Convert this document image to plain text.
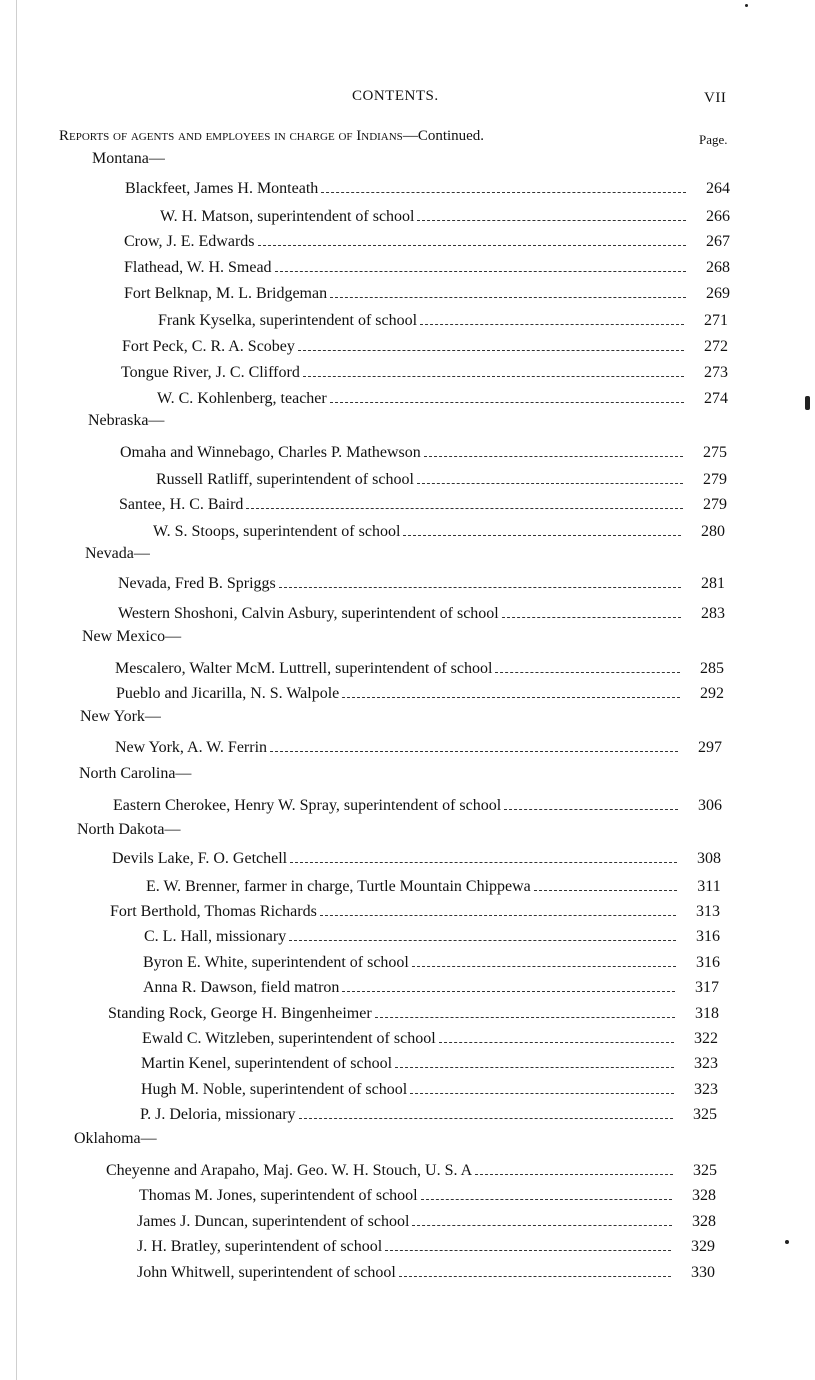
CONTENTS.	VII
Reports of agents and employees in charge of Indians—Continued.	Page.
Montana—
Blackfeet, James H. Monteath	264
W. H. Matson, superintendent of school	266
Crow, J. E. Edwards	267
Flathead, W. H. Smead	268
Fort Belknap, M. L. Bridgeman	269
Frank Kyselka, superintendent of school	271
Fort Peck, C. R. A. Scobey	272
Tongue River, J. C. Clifford	273
W. C. Kohlenberg, teacher	274
Nebraska—
Omaha and Winnebago, Charles P. Mathewson	275
Russell Ratliff, superintendent of school	279
Santee, H. C. Baird	279
W. S. Stoops, superintendent of school	280
Nevada—
Nevada, Fred B. Spriggs	281
Western Shoshoni, Calvin Asbury, superintendent of school	283
New Mexico—
Mescalero, Walter McM. Luttrell, superintendent of school	285
Pueblo and Jicarilla, N. S. Walpole	292
New York—
New York, A. W. Ferrin	297
North Carolina—
Eastern Cherokee, Henry W. Spray, superintendent of school	306
North Dakota—
Devils Lake, F. O. Getchell	308
E. W. Brenner, farmer in charge, Turtle Mountain Chippewa	311
Fort Berthold, Thomas Richards	313
C. L. Hall, missionary	316
Byron E. White, superintendent of school	316
Anna R. Dawson, field matron	317
Standing Rock, George H. Bingenheimer	318
Ewald C. Witzleben, superintendent of school	322
Martin Kenel, superintendent of school	323
Hugh M. Noble, superintendent of school	323
P. J. Deloria, missionary	325
Oklahoma—
Cheyenne and Arapaho, Maj. Geo. W. H. Stouch, U. S. A	325
Thomas M. Jones, superintendent of school	328
James J. Duncan, superintendent of school	328
J. H. Bratley, superintendent of school	329
John Whitwell, superintendent of school	330
